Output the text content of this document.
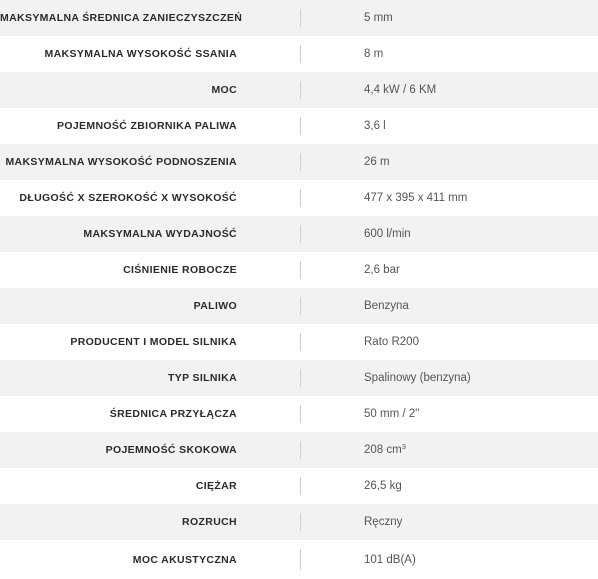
MAKSYMALNA ŚREDNICA ZANIECZYSZCZEŃ	5 mm
MAKSYMALNA WYSOKOŚĆ SSANIA	8 m
MOC	4,4 kW / 6 KM
POJEMNOŚĆ ZBIORNIKA PALIWA	3,6 l
MAKSYMALNA WYSOKOŚĆ PODNOSZENIA	26 m
DŁUGOŚĆ X SZEROKOŚĆ X WYSOKOŚĆ	477 x 395 x 411 mm
MAKSYMALNA WYDAJNOŚĆ	600 l/min
CIŚNIENIE ROBOCZE	2,6 bar
PALIWO	Benzyna
PRODUCENT I MODEL SILNIKA	Rato R200
TYP SILNIKA	Spalinowy (benzyna)
ŚREDNICA PRZYŁĄCZA	50 mm / 2''
POJEMNOŚĆ SKOKOWA	208 $cm^3$
CIĘŻAR	26,5 kg
ROZRUCH	Ręczny
MOC AKUSTYCZNA	101 dB(A)
